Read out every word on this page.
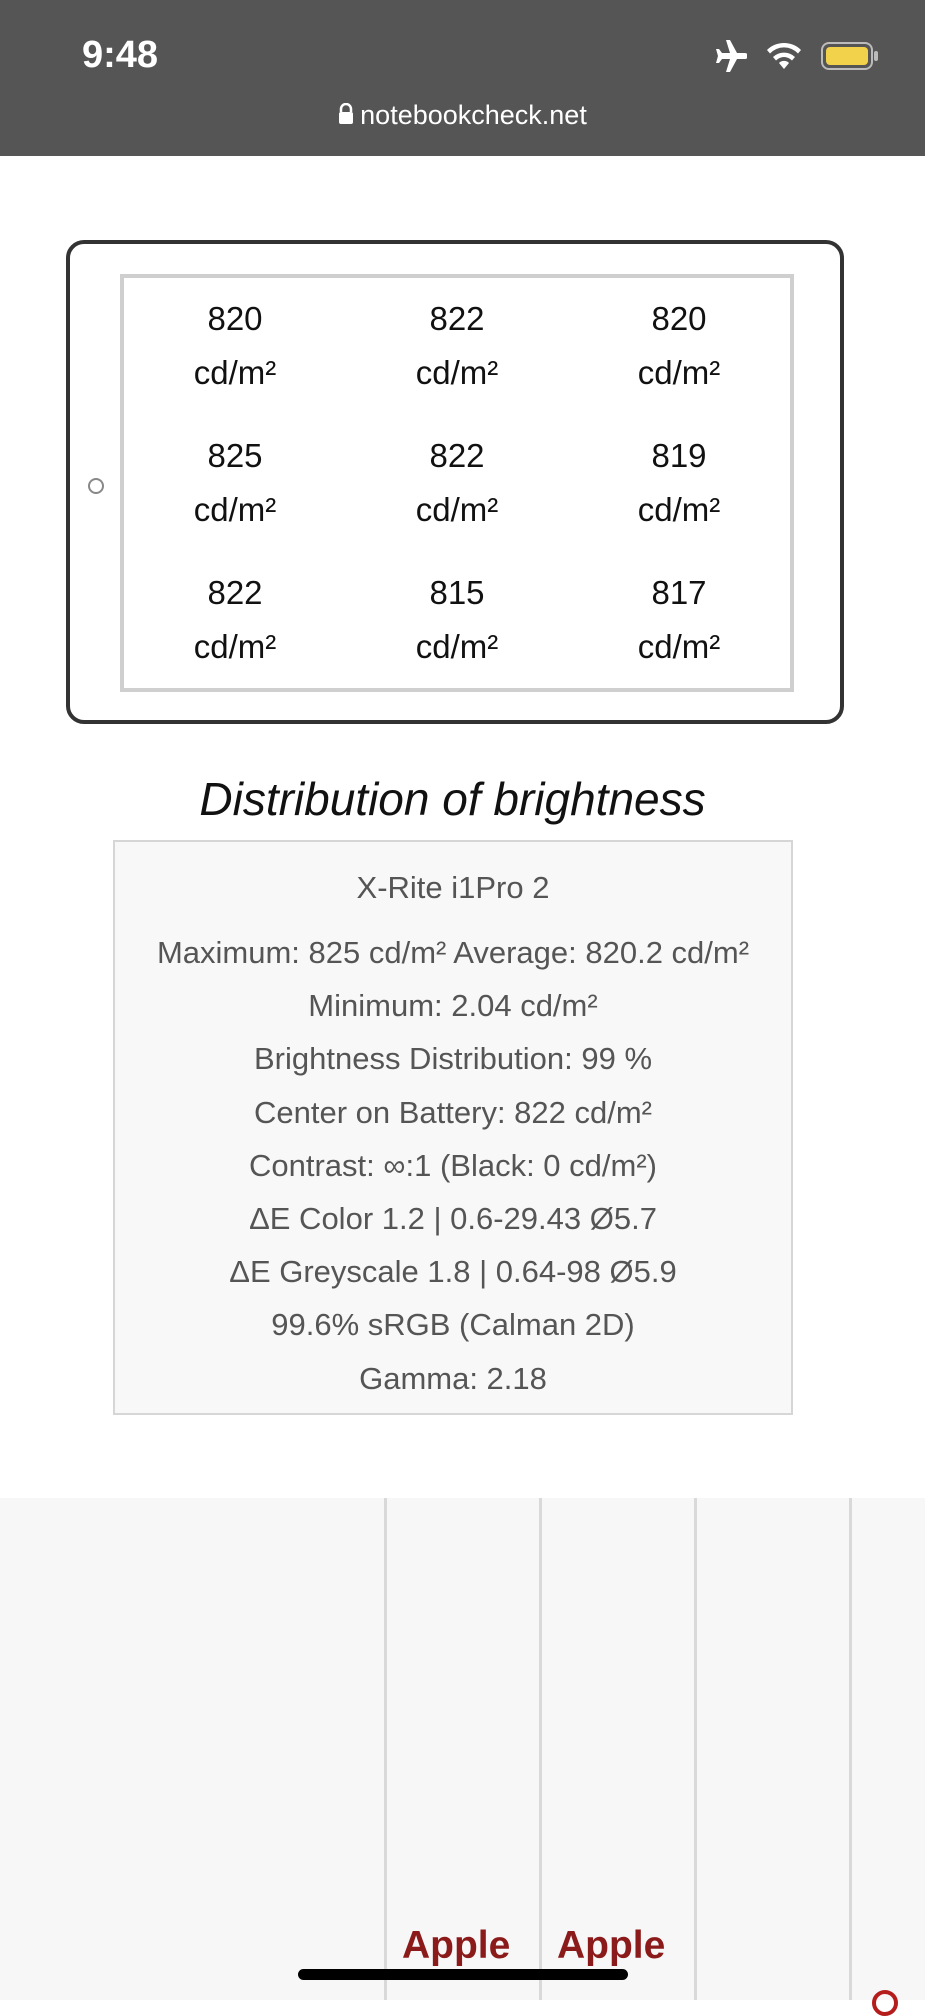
9:48
notebookcheck.net
820
cd/m²
822
cd/m²
820
cd/m²
825
cd/m²
822
cd/m²
819
cd/m²
822
cd/m²
815
cd/m²
817
cd/m²
Distribution of brightness
X-Rite i1Pro 2
Maximum: 825 cd/m² Average: 820.2 cd/m²
Minimum: 2.04 cd/m²
Brightness Distribution: 99 %
Center on Battery: 822 cd/m²
Contrast: ∞:1 (Black: 0 cd/m²)
ΔE Color 1.2 | 0.6-29.43 Ø5.7
ΔE Greyscale 1.8 | 0.64-98 Ø5.9
99.6% sRGB (Calman 2D)
Gamma: 2.18
Apple Apple
